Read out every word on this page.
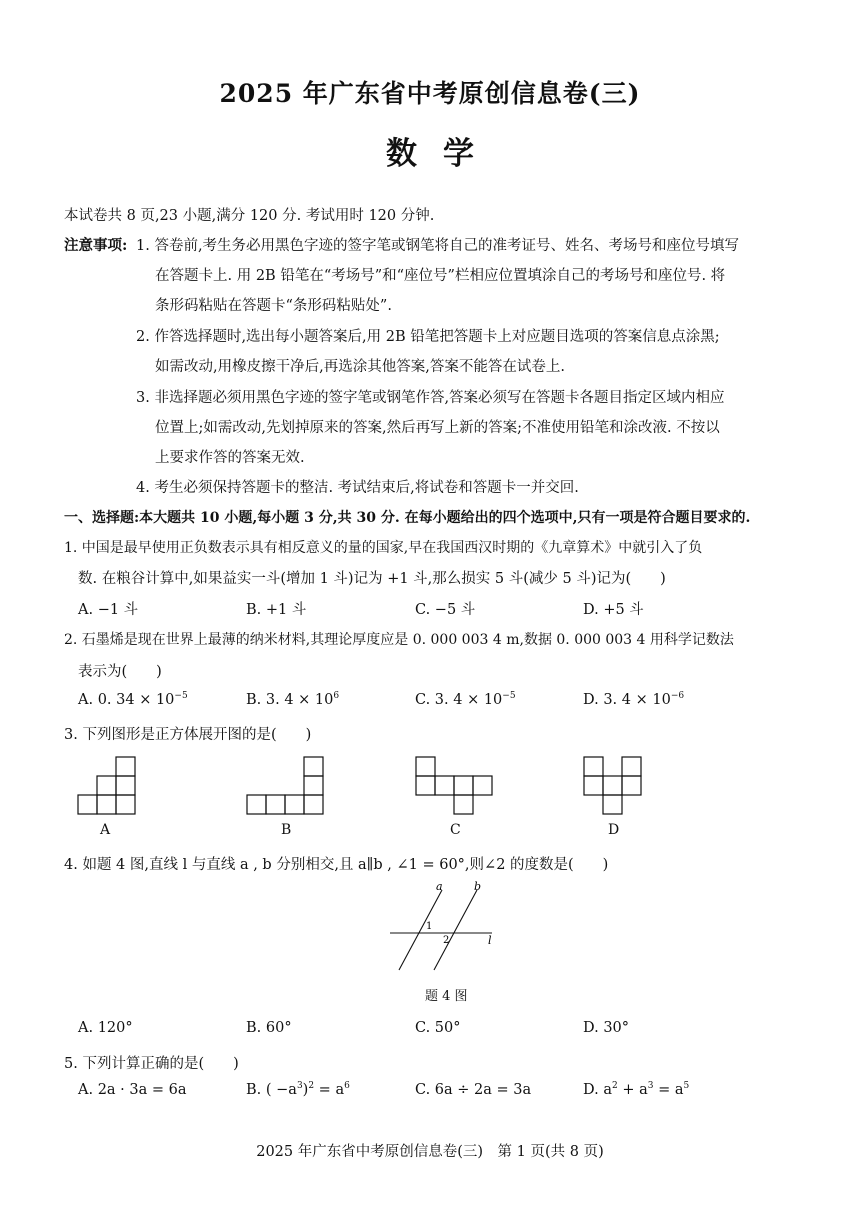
2025 年广东省中考原创信息卷(三)
数学
本试卷共 8 页,23 小题,满分 120 分. 考试用时 120 分钟.
注意事项: 1. 答卷前,考生务必用黑色字迹的签字笔或钢笔将自己的准考证号、姓名、考场号和座位号填写
在答题卡上. 用 2B 铅笔在“考场号”和“座位号”栏相应位置填涂自己的考场号和座位号. 将
条形码粘贴在答题卡“条形码粘贴处”.
2. 作答选择题时,选出每小题答案后,用 2B 铅笔把答题卡上对应题目选项的答案信息点涂黑;
如需改动,用橡皮擦干净后,再选涂其他答案,答案不能答在试卷上.
3. 非选择题必须用黑色字迹的签字笔或钢笔作答,答案必须写在答题卡各题目指定区域内相应
位置上;如需改动,先划掉原来的答案,然后再写上新的答案;不准使用铅笔和涂改液. 不按以
上要求作答的答案无效.
4. 考生必须保持答题卡的整洁. 考试结束后,将试卷和答题卡一并交回.
一、选择题:本大题共 10 小题,每小题 3 分,共 30 分. 在每小题给出的四个选项中,只有一项是符合题目要求的.
1. 中国是最早使用正负数表示具有相反意义的量的国家,早在我国西汉时期的《九章算术》中就引入了负
数. 在粮谷计算中,如果益实一斗(增加 1 斗)记为 +1 斗,那么损实 5 斗(减少 5 斗)记为(　　)
A. −1 斗	B. +1 斗	C. −5 斗	D. +5 斗
2. 石墨烯是现在世界上最薄的纳米材料,其理论厚度应是 0. 000 003 4 m,数据 0. 000 003 4 用科学记数法
表示为(　　)
A. 0. $34 \times 10^{-5}$	B. 3. $4 \times 10^6$	C. 3. $4 \times 10^{-5}$	D. 3. $4 \times 10^{-6}$
3. 下列图形是正方体展开图的是(　　)
A	B	C	D
4. 如题 4 图,直线 l 与直线 a , b 分别相交,且 a∥b , ∠1 = 60°,则∠2 的度数是(　　)
a	b
l
1
2
题 4 图
A. 120°	B. 60°	C. 50°	D. 30°
5. 下列计算正确的是(　　)
A. 2a · 3a = 6a	B. ( $-a^3)^2 = a^6$	C. 6a ÷ 2a = 3a	D. $a^2 + a^3 = a^5$
2025 年广东省中考原创信息卷(三)　第 1 页(共 8 页)
